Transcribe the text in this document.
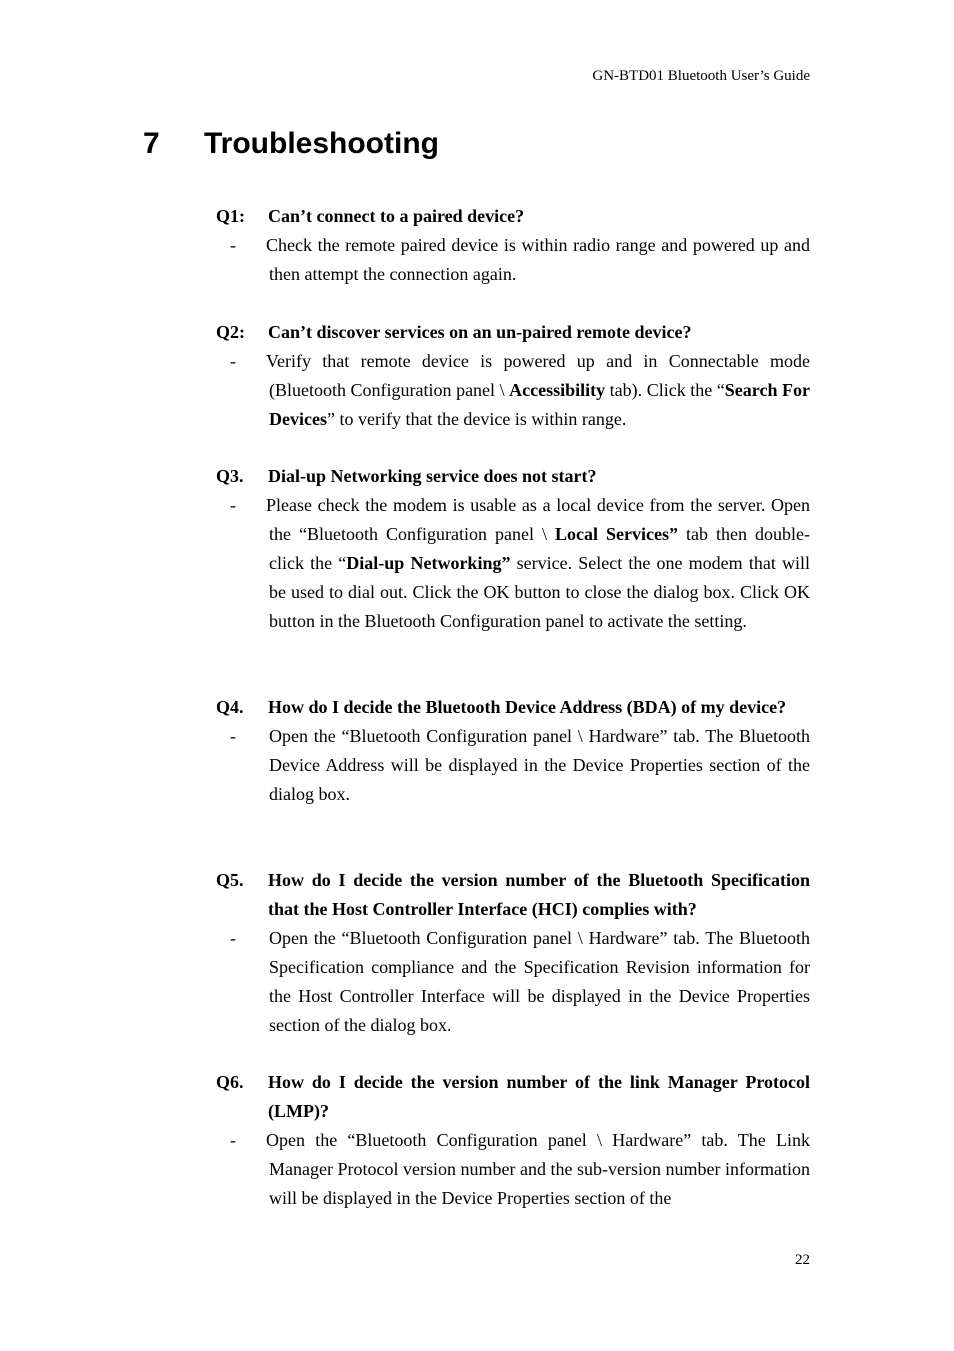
GN-BTD01 Bluetooth User’s Guide
7 Troubleshooting
Q1: Can’t connect to a paired device?
- Check the remote paired device is within radio range and powered up and then attempt the connection again.
Q2: Can’t discover services on an un-paired remote device?
- Verify that remote device is powered up and in Connectable mode (Bluetooth Configuration panel \ Accessibility tab). Click the “Search For Devices” to verify that the device is within range.
Q3. Dial-up Networking service does not start?
- Please check the modem is usable as a local device from the server. Open the “Bluetooth Configuration panel \ Local Services” tab then double-click the “Dial-up Networking” service. Select the one modem that will be used to dial out. Click the OK button to close the dialog box. Click OK button in the Bluetooth Configuration panel to activate the setting.
Q4. How do I decide the Bluetooth Device Address (BDA) of my device?
- Open the “Bluetooth Configuration panel \ Hardware” tab. The Bluetooth Device Address will be displayed in the Device Properties section of the dialog box.
Q5. How do I decide the version number of the Bluetooth Specification that the Host Controller Interface (HCI) complies with?
- Open the “Bluetooth Configuration panel \ Hardware” tab. The Bluetooth Specification compliance and the Specification Revision information for the Host Controller Interface will be displayed in the Device Properties section of the dialog box.
Q6. How do I decide the version number of the link Manager Protocol (LMP)?
- Open the “Bluetooth Configuration panel \ Hardware” tab. The Link Manager Protocol version number and the sub-version number information will be displayed in the Device Properties section of the
22
